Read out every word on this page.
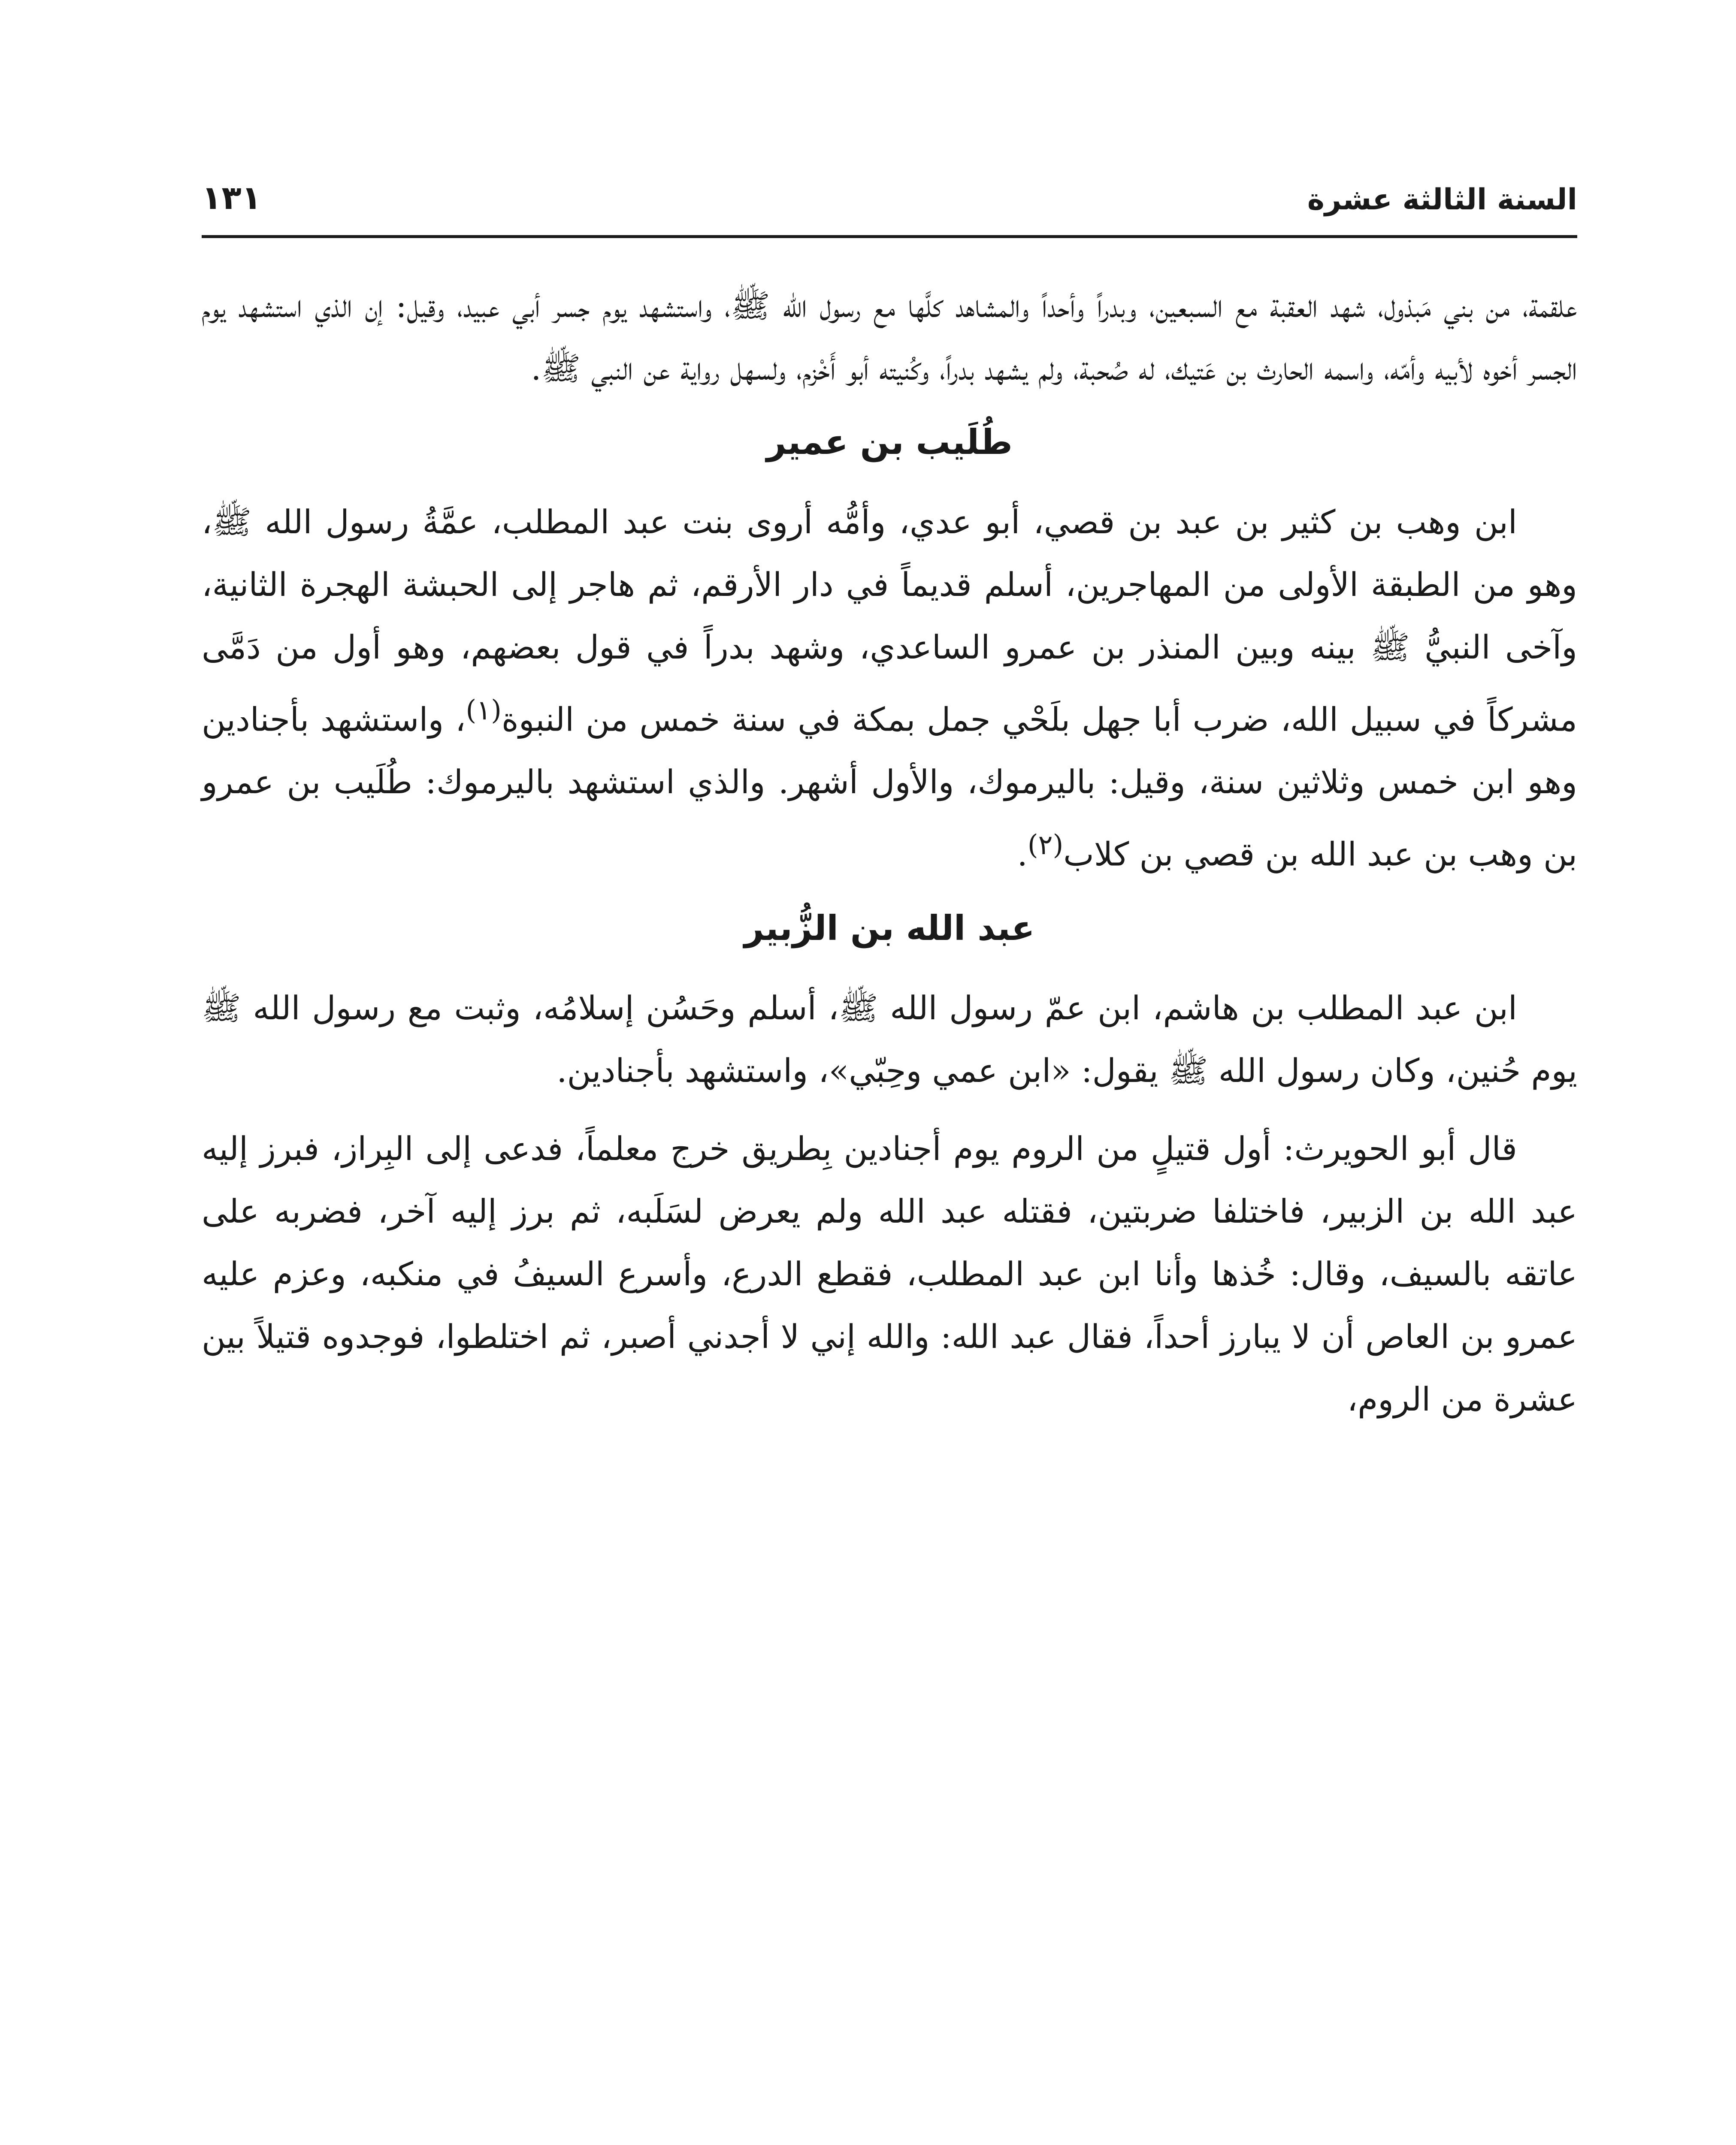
١٣١	السنة الثالثة عشرة

علقمة، من بني مَبذول، شهد العقبة مع السبعين، وبدراً وأحداً والمشاهد كلَّها مع رسول الله ﷺ، واستشهد يوم جسر أبي عبيد، وقيل: إن الذي استشهد يوم الجسر أخوه لأبيه وأمّه، واسمه الحارث بن عَتيك، له صُحبة، ولم يشهد بدراً، وكُنيته أبو أَخْزم، ولسهل رواية عن النبي ﷺ.

طُلَيب بن عمير

ابن وهب بن كثير بن عبد بن قصي، أبو عدي، وأمُّه أروى بنت عبد المطلب، عمَّةُ رسول الله ﷺ، وهو من الطبقة الأولى من المهاجرين، أسلم قديماً في دار الأرقم، ثم هاجر إلى الحبشة الهجرة الثانية، وآخى النبيُّ ﷺ بينه وبين المنذر بن عمرو الساعدي، وشهد بدراً في قول بعضهم، وهو أول من دَمَّى مشركاً في سبيل الله، ضرب أبا جهل بلَحْي جمل بمكة في سنة خمس من النبوة$^{(١)}$، واستشهد بأجنادين وهو ابن خمس وثلاثين سنة، وقيل: باليرموك، والأول أشهر. والذي استشهد باليرموك: طُلَيب بن عمرو بن وهب بن عبد الله بن قصي بن كلاب$^{(٢)}$.

عبد الله بن الزُّبير

ابن عبد المطلب بن هاشم، ابن عمّ رسول الله ﷺ، أسلم وحَسُن إسلامُه، وثبت مع رسول الله ﷺ يوم حُنين، وكان رسول الله ﷺ يقول: «ابن عمي وحِبّي»، واستشهد بأجنادين.

قال أبو الحويرث: أول قتيلٍ من الروم يوم أجنادين بِطريق خرج معلماً، فدعى إلى البِراز، فبرز إليه عبد الله بن الزبير، فاختلفا ضربتين، فقتله عبد الله ولم يعرض لسَلَبه، ثم برز إليه آخر، فضربه على عاتقه بالسيف، وقال: خُذها وأنا ابن عبد المطلب، فقطع الدرع، وأسرع السيفُ في منكبه، وعزم عليه عمرو بن العاص أن لا يبارز أحداً، فقال عبد الله: والله إني لا أجدني أصبر، ثم اختلطوا، فوجدوه قتيلاً بين عشرة من الروم،
